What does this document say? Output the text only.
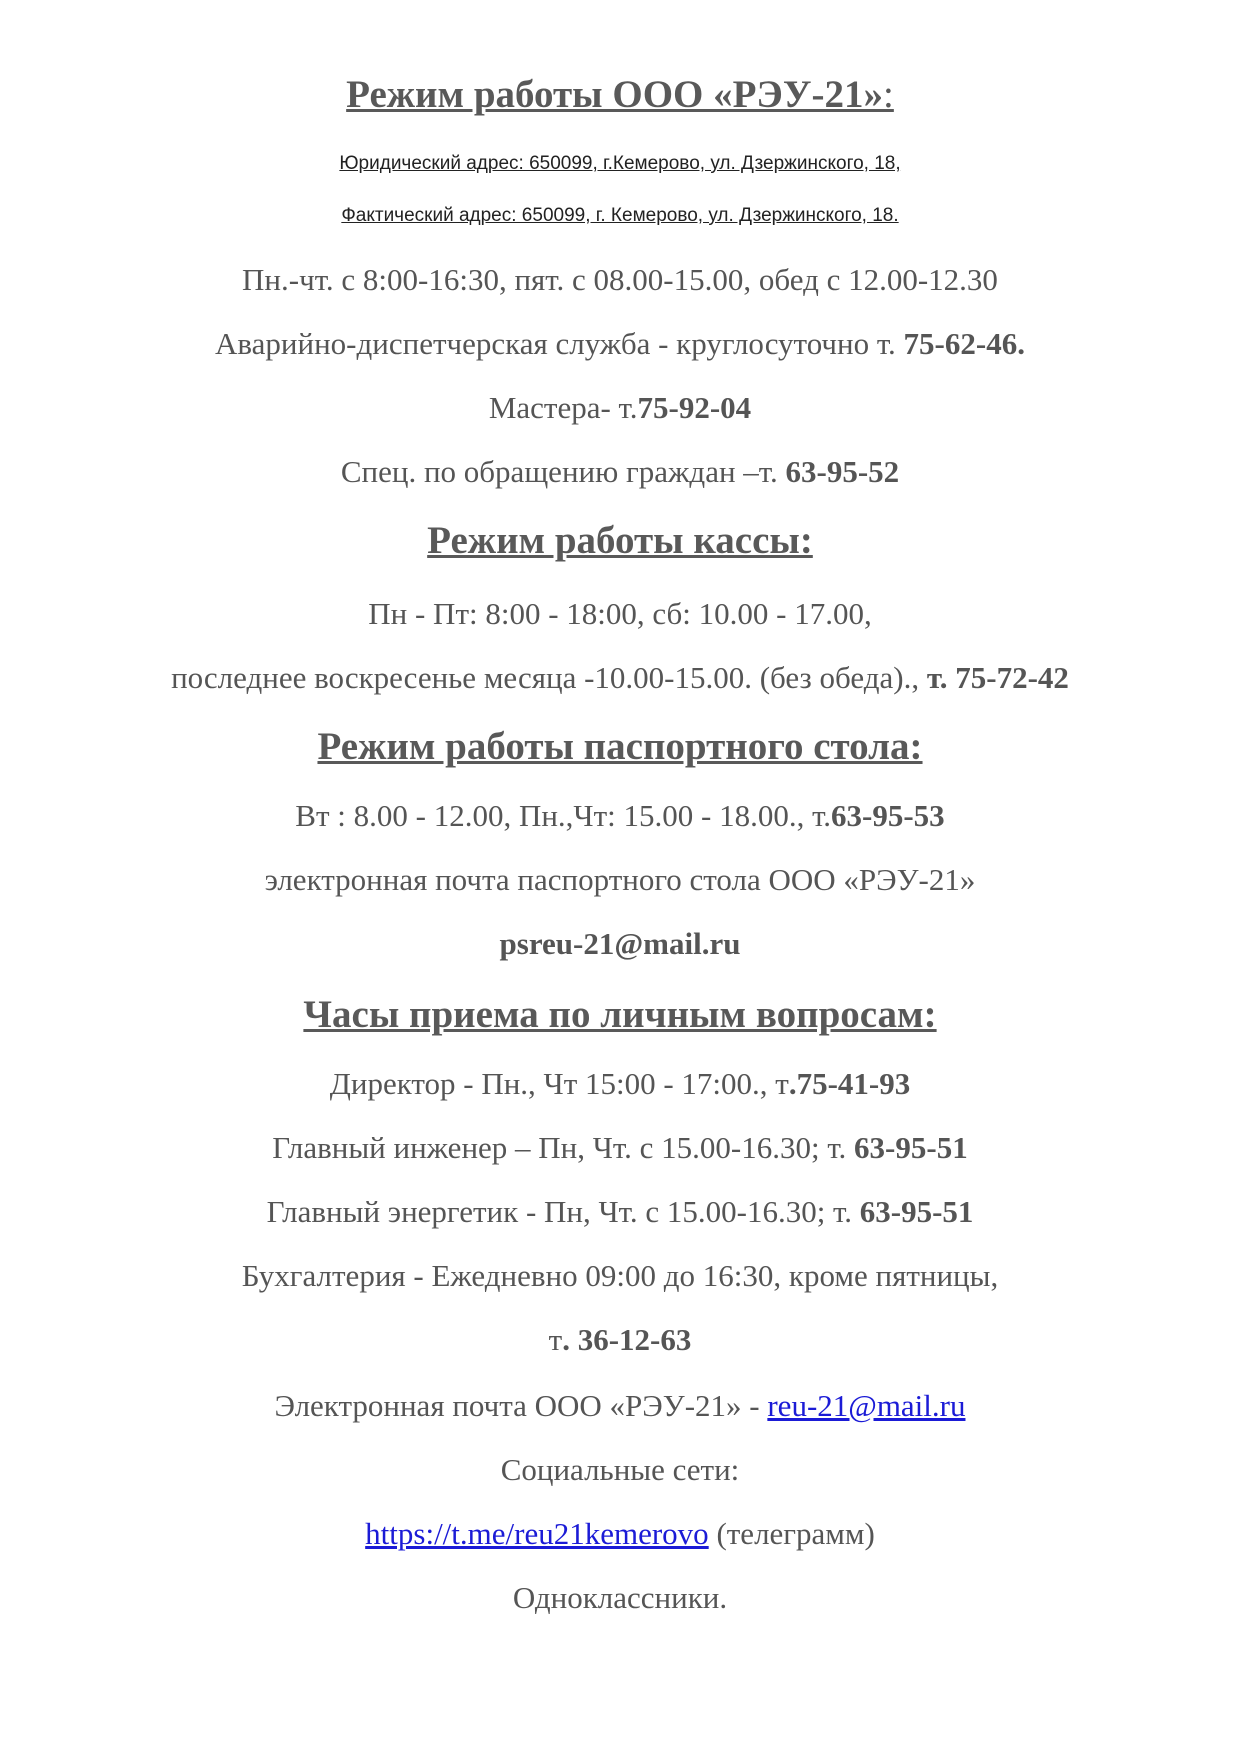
Режим работы ООО «РЭУ-21»:
Юридический адрес: 650099, г.Кемерово, ул. Дзержинского, 18,
Фактический адрес: 650099, г. Кемерово, ул. Дзержинского, 18.
Пн.-чт. с 8:00-16:30, пят. с 08.00-15.00, обед с 12.00-12.30
Аварийно-диспетчерская служба - круглосуточно т. 75-62-46.
Мастера- т.75-92-04
Спец. по обращению граждан –т. 63-95-52
Режим работы кассы:
Пн - Пт: 8:00 - 18:00, сб: 10.00 - 17.00,
последнее воскресенье месяца -10.00-15.00. (без обеда)., т. 75-72-42
Режим работы паспортного стола:
Вт : 8.00 - 12.00, Пн.,Чт: 15.00 - 18.00., т.63-95-53
электронная почта паспортного стола ООО «РЭУ-21»
psreu-21@mail.ru
Часы приема по личным вопросам:
Директор - Пн., Чт 15:00 - 17:00., т.75-41-93
Главный инженер – Пн, Чт. с 15.00-16.30; т. 63-95-51
Главный энергетик - Пн, Чт. с 15.00-16.30; т. 63-95-51
Бухгалтерия - Ежедневно 09:00 до 16:30, кроме пятницы,
т. 36-12-63
Электронная почта ООО «РЭУ-21» - reu-21@mail.ru
Социальные сети:
https://t.me/reu21kemerovo (телеграмм)
Одноклассники.
